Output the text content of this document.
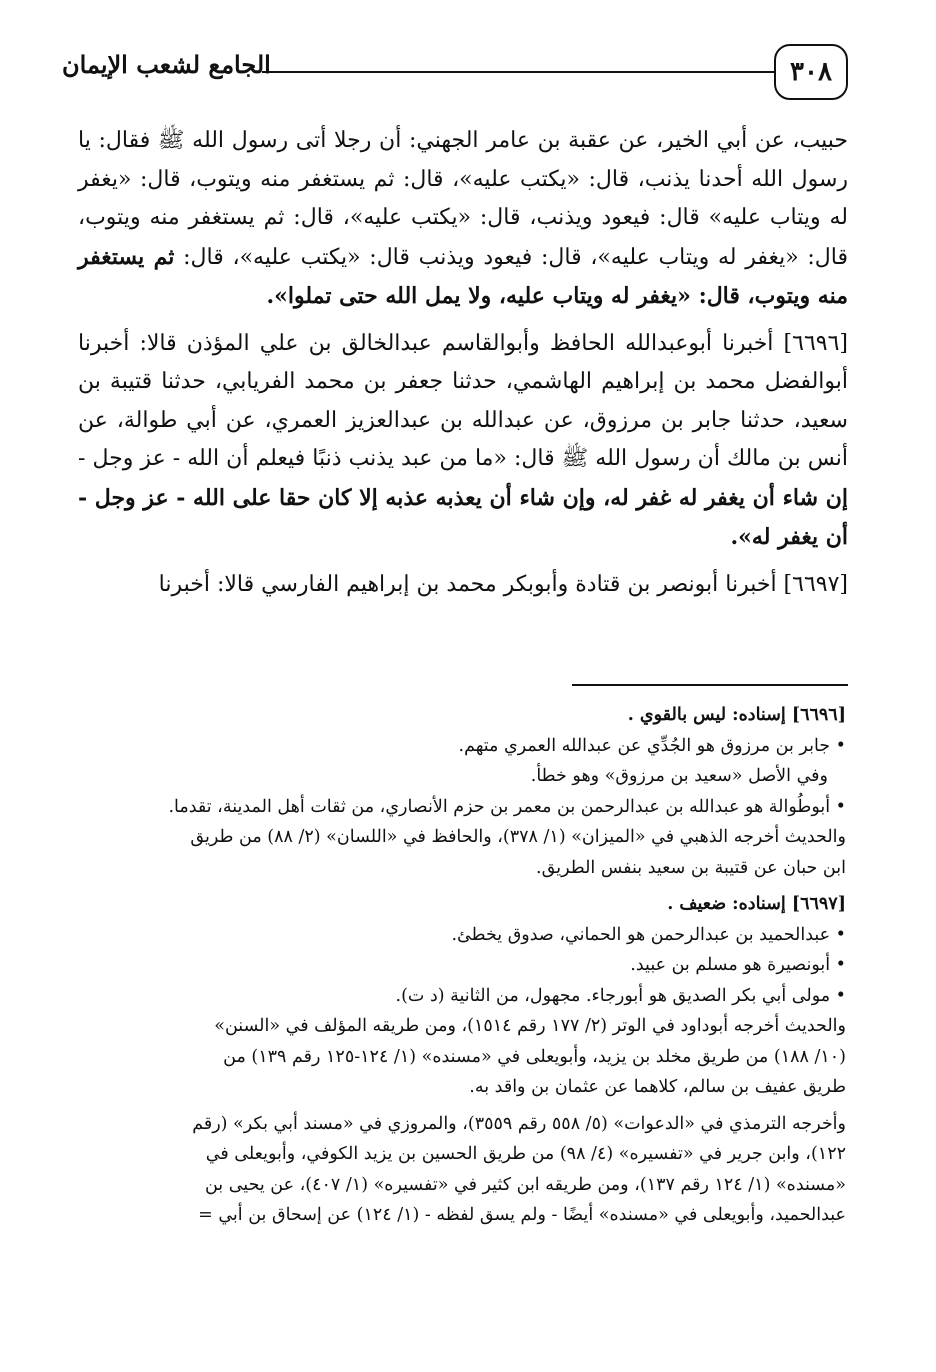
٣٠٨
الجامع لشعب الإيمان

حبيب، عن أبي الخير، عن عقبة بن عامر الجهني: أن رجلا أتى رسول الله ﷺ فقال: يا رسول الله أحدنا يذنب، قال: «يكتب عليه»، قال: ثم يستغفر منه ويتوب، قال: «يغفر له ويتاب عليه» قال: فيعود ويذنب، قال: «يكتب عليه»، قال: ثم يستغفر منه ويتوب، قال: «يغفر له ويتاب عليه»، قال: فيعود ويذنب قال: «يكتب عليه»، قال: ثم يستغفر منه ويتوب، قال: «يغفر له ويتاب عليه، ولا يمل الله حتى تملوا».

[٦٦٩٦] أخبرنا أبوعبدالله الحافظ وأبوالقاسم عبدالخالق بن علي المؤذن قالا: أخبرنا أبوالفضل محمد بن إبراهيم الهاشمي، حدثنا جعفر بن محمد الفريابي، حدثنا قتيبة بن سعيد، حدثنا جابر بن مرزوق، عن عبدالله بن عبدالعزيز العمري، عن أبي طوالة، عن أنس بن مالك أن رسول الله ﷺ قال: «ما من عبد يذنب ذنبًا فيعلم أن الله - عز وجل - إن شاء أن يغفر له غفر له، وإن شاء أن يعذبه عذبه إلا كان حقا على الله - عز وجل - أن يغفر له».

[٦٦٩٧] أخبرنا أبونصر بن قتادة وأبوبكر محمد بن إبراهيم الفارسي قالا: أخبرنا

[٦٦٩٦] إسناده: ليس بالقوي .
• جابر بن مرزوق هو الجُدِّي عن عبدالله العمري متهم.
وفي الأصل «سعيد بن مرزوق» وهو خطأ.
• أبوطُوالة هو عبدالله بن عبدالرحمن بن معمر بن حزم الأنصاري، من ثقات أهل المدينة، تقدما.
والحديث أخرجه الذهبي في «الميزان» (١/ ٣٧٨)، والحافظ في «اللسان» (٢/ ٨٨) من طريق
ابن حبان عن قتيبة بن سعيد بنفس الطريق.
[٦٦٩٧] إسناده: ضعيف .
• عبدالحميد بن عبدالرحمن هو الحماني، صدوق يخطئ.
• أبونصيرة هو مسلم بن عبيد.
• مولى أبي بكر الصديق هو أبورجاء. مجهول، من الثانية (د ت).
والحديث أخرجه أبوداود في الوتر (٢/ ١٧٧ رقم ١٥١٤)، ومن طريقه المؤلف في «السنن»
(١٠/ ١٨٨) من طريق مخلد بن يزيد، وأبويعلى في «مسنده» (١/ ١٢٤-١٢٥ رقم ١٣٩) من
طريق عفيف بن سالم، كلاهما عن عثمان بن واقد به.
وأخرجه الترمذي في «الدعوات» (٥/ ٥٥٨ رقم ٣٥٥٩)، والمروزي في «مسند أبي بكر» (رقم
١٢٢)، وابن جرير في «تفسيره» (٤/ ٩٨) من طريق الحسين بن يزيد الكوفي، وأبويعلى في
«مسنده» (١/ ١٢٤ رقم ١٣٧)، ومن طريقه ابن كثير في «تفسيره» (١/ ٤٠٧)، عن يحيى بن
عبدالحميد، وأبويعلى في «مسنده» أيضًا - ولم يسق لفظه - (١/ ١٢٤) عن إسحاق بن أبي =
